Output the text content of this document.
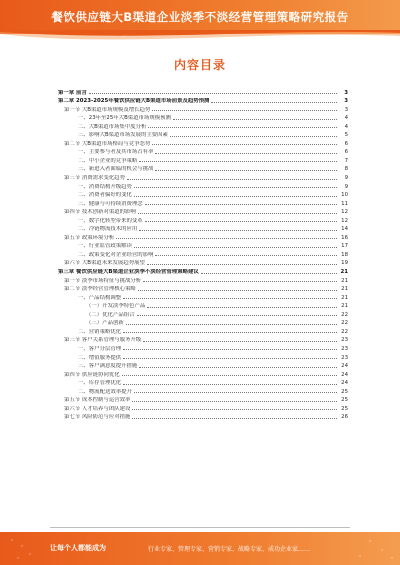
餐饮供应链大B渠道企业淡季不淡经营管理策略研究报告
内容目录
第一章 前言	3
第二章 2023-2025年餐饮供应链大B渠道市场前景及趋势预测	3
第一节 大B渠道市场规模及增长趋势	3
一、23年至25年大B渠道市场规模预测	4
二、大B渠道市场集中度分析	4
三、影响大B渠道市场发展的主要因素	5
第二节 大B渠道市场格局与竞争态势	6
一、主要参与者及其市场占有率	6
二、中小企业的竞争策略	7
三、新进入者面临的机会与挑战	8
第三节 消费需求变化趋势	9
一、消费结构升级趋势	9
二、消费者偏好的变化	10
三、健康与可持续消费理念	11
第四节 技术创新对渠道的影响	12
一、数字化转型带来的变革	12
二、冷链物流技术的应用	14
第五节 政策环境分析	16
一、行业监管政策解读	17
二、政策变化对企业经营的影响	18
第六节 大B渠道未来发展趋势展望	19
第三章 餐饮供应链大B渠道企业淡季不淡经营管理策略建议	21
第一节 淡季市场特征与挑战分析	21
第二节 淡季经营管理核心策略	21
一、产品结构调整	21
（一）开发淡季特色产品	21
（二）优化产品组合	22
（三）产品创新	22
二、营销策略优化	22
第三节 客户关系管理与服务升级	23
一、客户分层管理	23
二、增值服务提供	23
三、客户满意度提升措施	24
第四节 供应链协同优化	24
一、库存管理优化	24
二、物流配送效率提升	25
第五节 成本控制与运营效率	25
第六节 人才培养与团队建设	25
第七节 风险防范与应对措施	26
让每个人都能成为	行业专家、管理专家、营销专家、战略专家、成功企业家……
